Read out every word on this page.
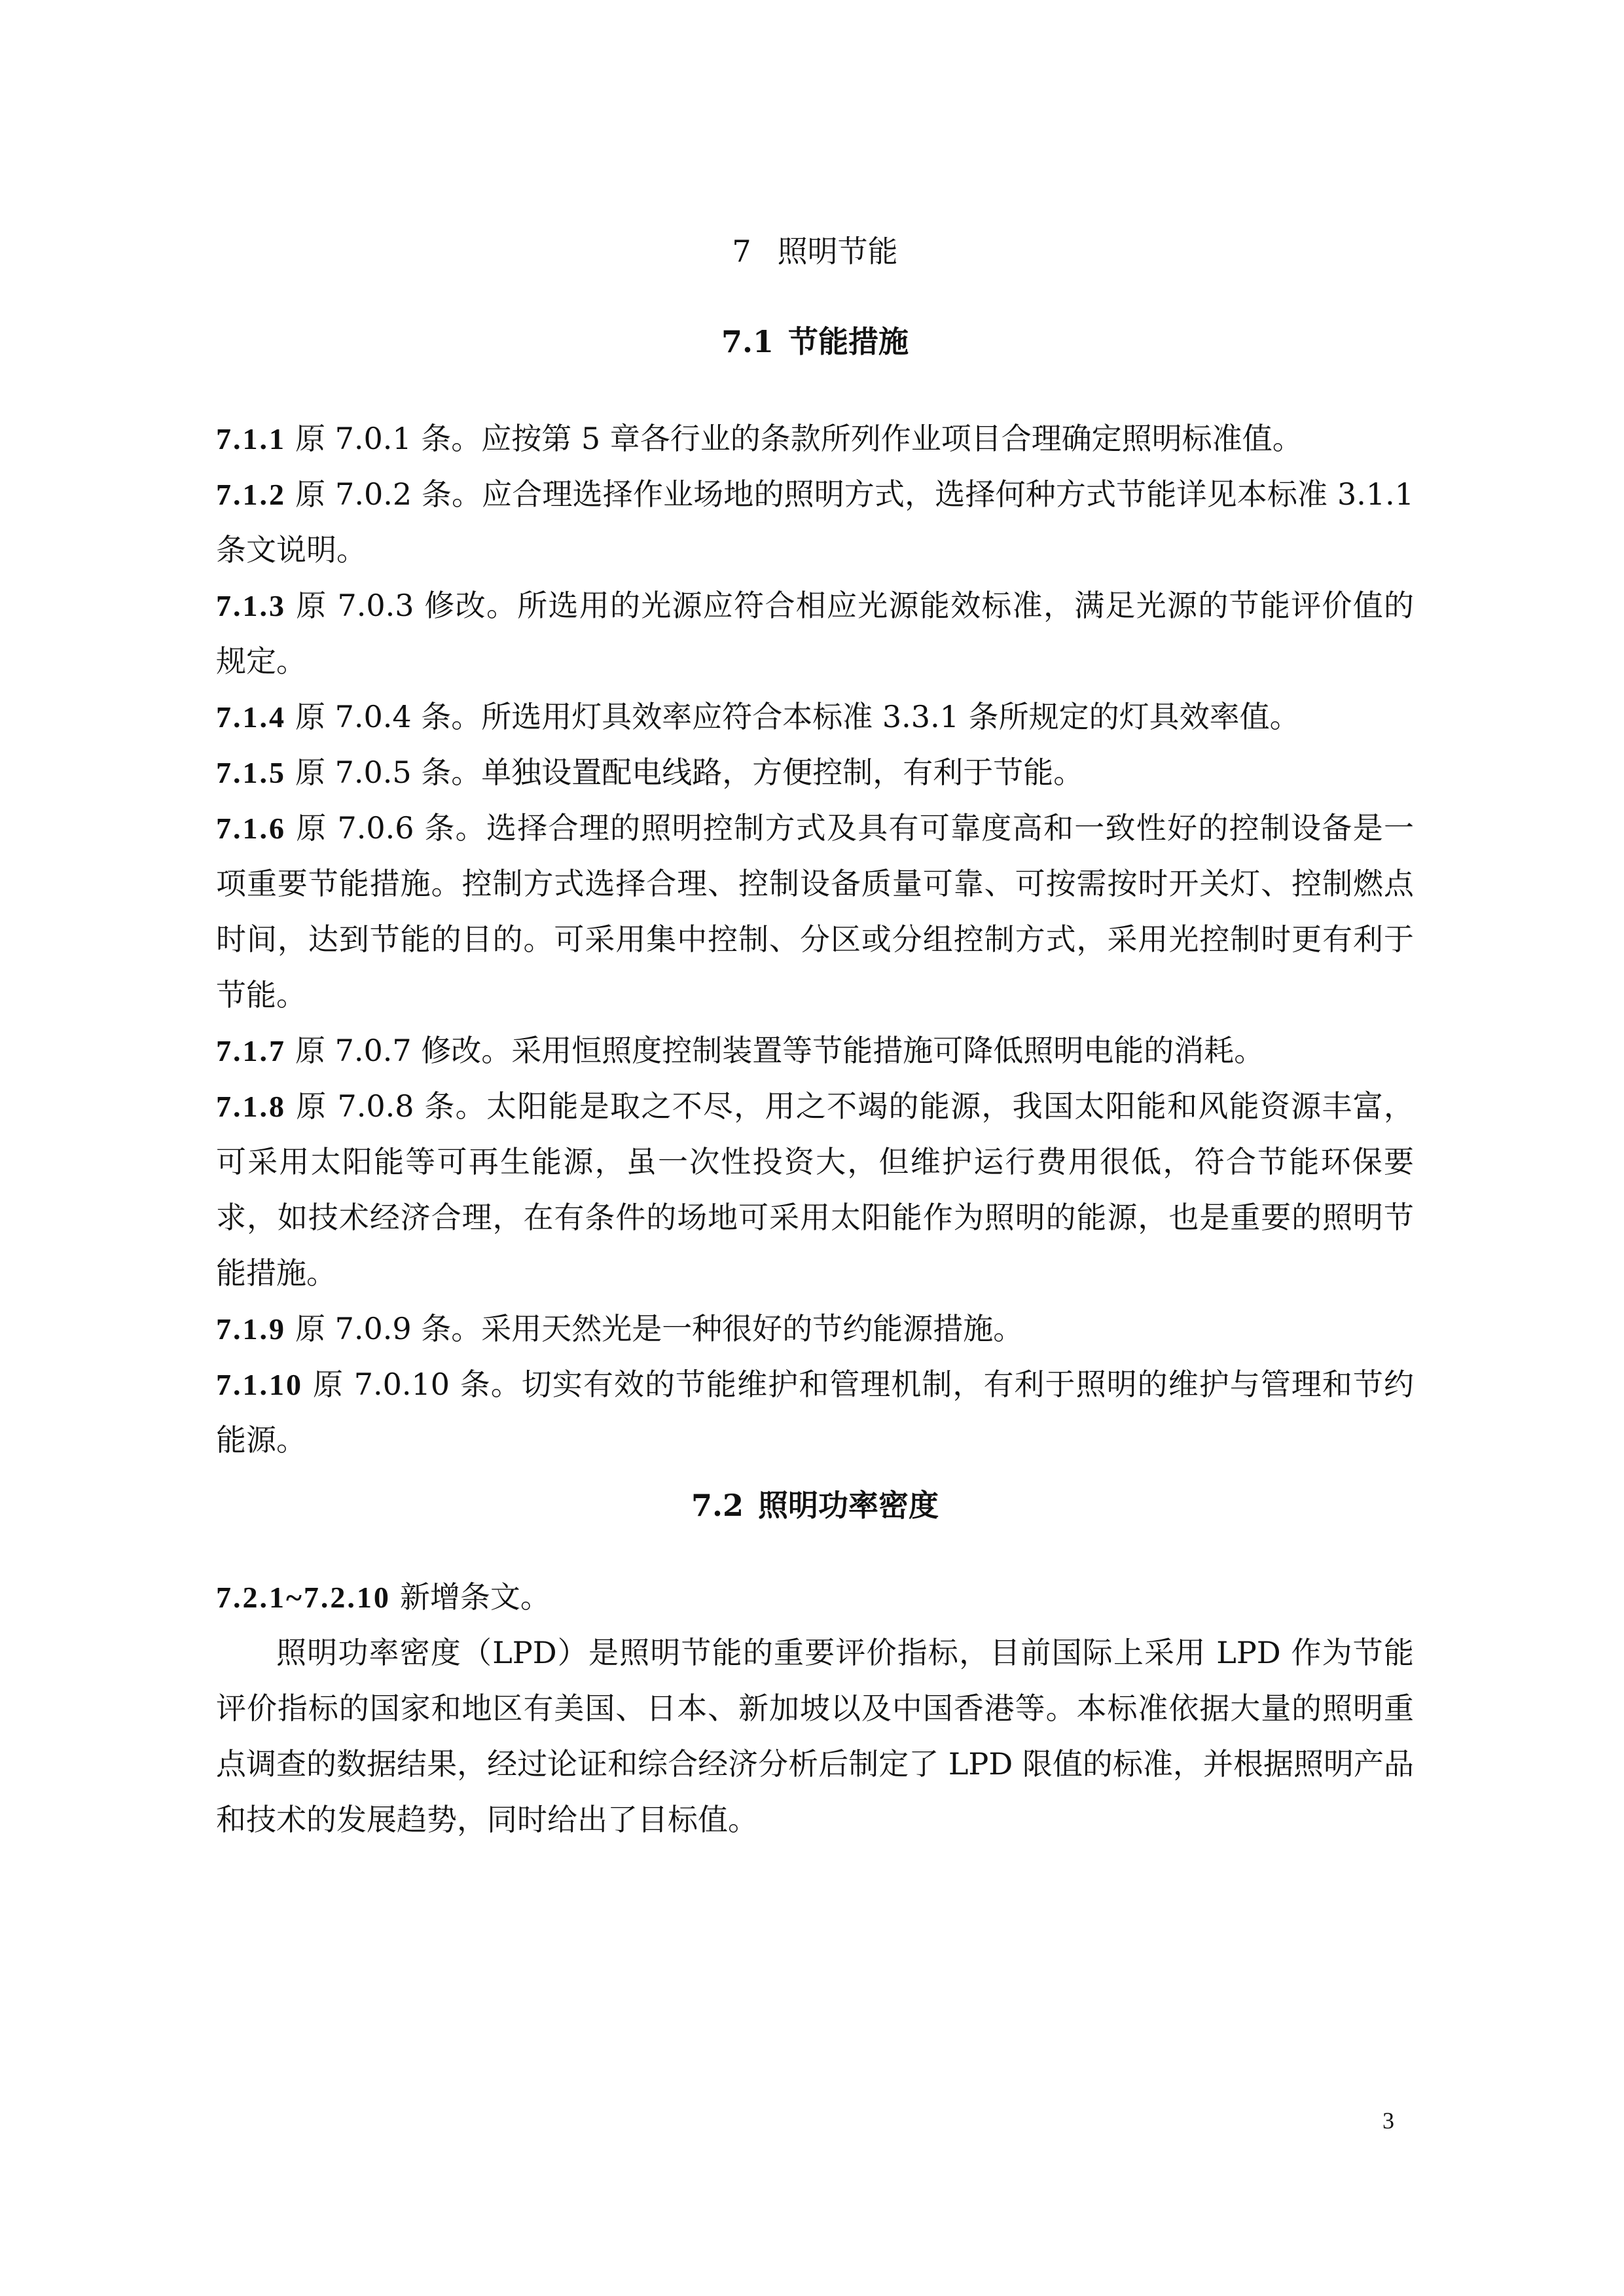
7 照明节能
7.1 节能措施

7.1.1 原 7.0.1 条。应按第 5 章各行业的条款所列作业项目合理确定照明标准值。

7.1.2 原 7.0.2 条。应合理选择作业场地的照明方式，选择何种方式节能详见本标准 3.1.1 条文说明。

7.1.3 原 7.0.3 修改。所选用的光源应符合相应光源能效标准，满足光源的节能评价值的规定。

7.1.4 原 7.0.4 条。所选用灯具效率应符合本标准 3.3.1 条所规定的灯具效率值。

7.1.5 原 7.0.5 条。单独设置配电线路，方便控制，有利于节能。

7.1.6 原 7.0.6 条。选择合理的照明控制方式及具有可靠度高和一致性好的控制设备是一项重要节能措施。控制方式选择合理、控制设备质量可靠、可按需按时开关灯、控制燃点时间，达到节能的目的。可采用集中控制、分区或分组控制方式，采用光控制时更有利于节能。

7.1.7 原 7.0.7 修改。采用恒照度控制装置等节能措施可降低照明电能的消耗。

7.1.8 原 7.0.8 条。太阳能是取之不尽，用之不竭的能源，我国太阳能和风能资源丰富，可采用太阳能等可再生能源，虽一次性投资大，但维护运行费用很低，符合节能环保要求，如技术经济合理，在有条件的场地可采用太阳能作为照明的能源，也是重要的照明节能措施。

7.1.9 原 7.0.9 条。采用天然光是一种很好的节约能源措施。

7.1.10 原 7.0.10 条。切实有效的节能维护和管理机制，有利于照明的维护与管理和节约能源。

7.2 照明功率密度

7.2.1~7.2.10 新增条文。

照明功率密度（LPD）是照明节能的重要评价指标，目前国际上采用 LPD 作为节能评价指标的国家和地区有美国、日本、新加坡以及中国香港等。本标准依据大量的照明重点调查的数据结果，经过论证和综合经济分析后制定了 LPD 限值的标准，并根据照明产品和技术的发展趋势，同时给出了目标值。

3
